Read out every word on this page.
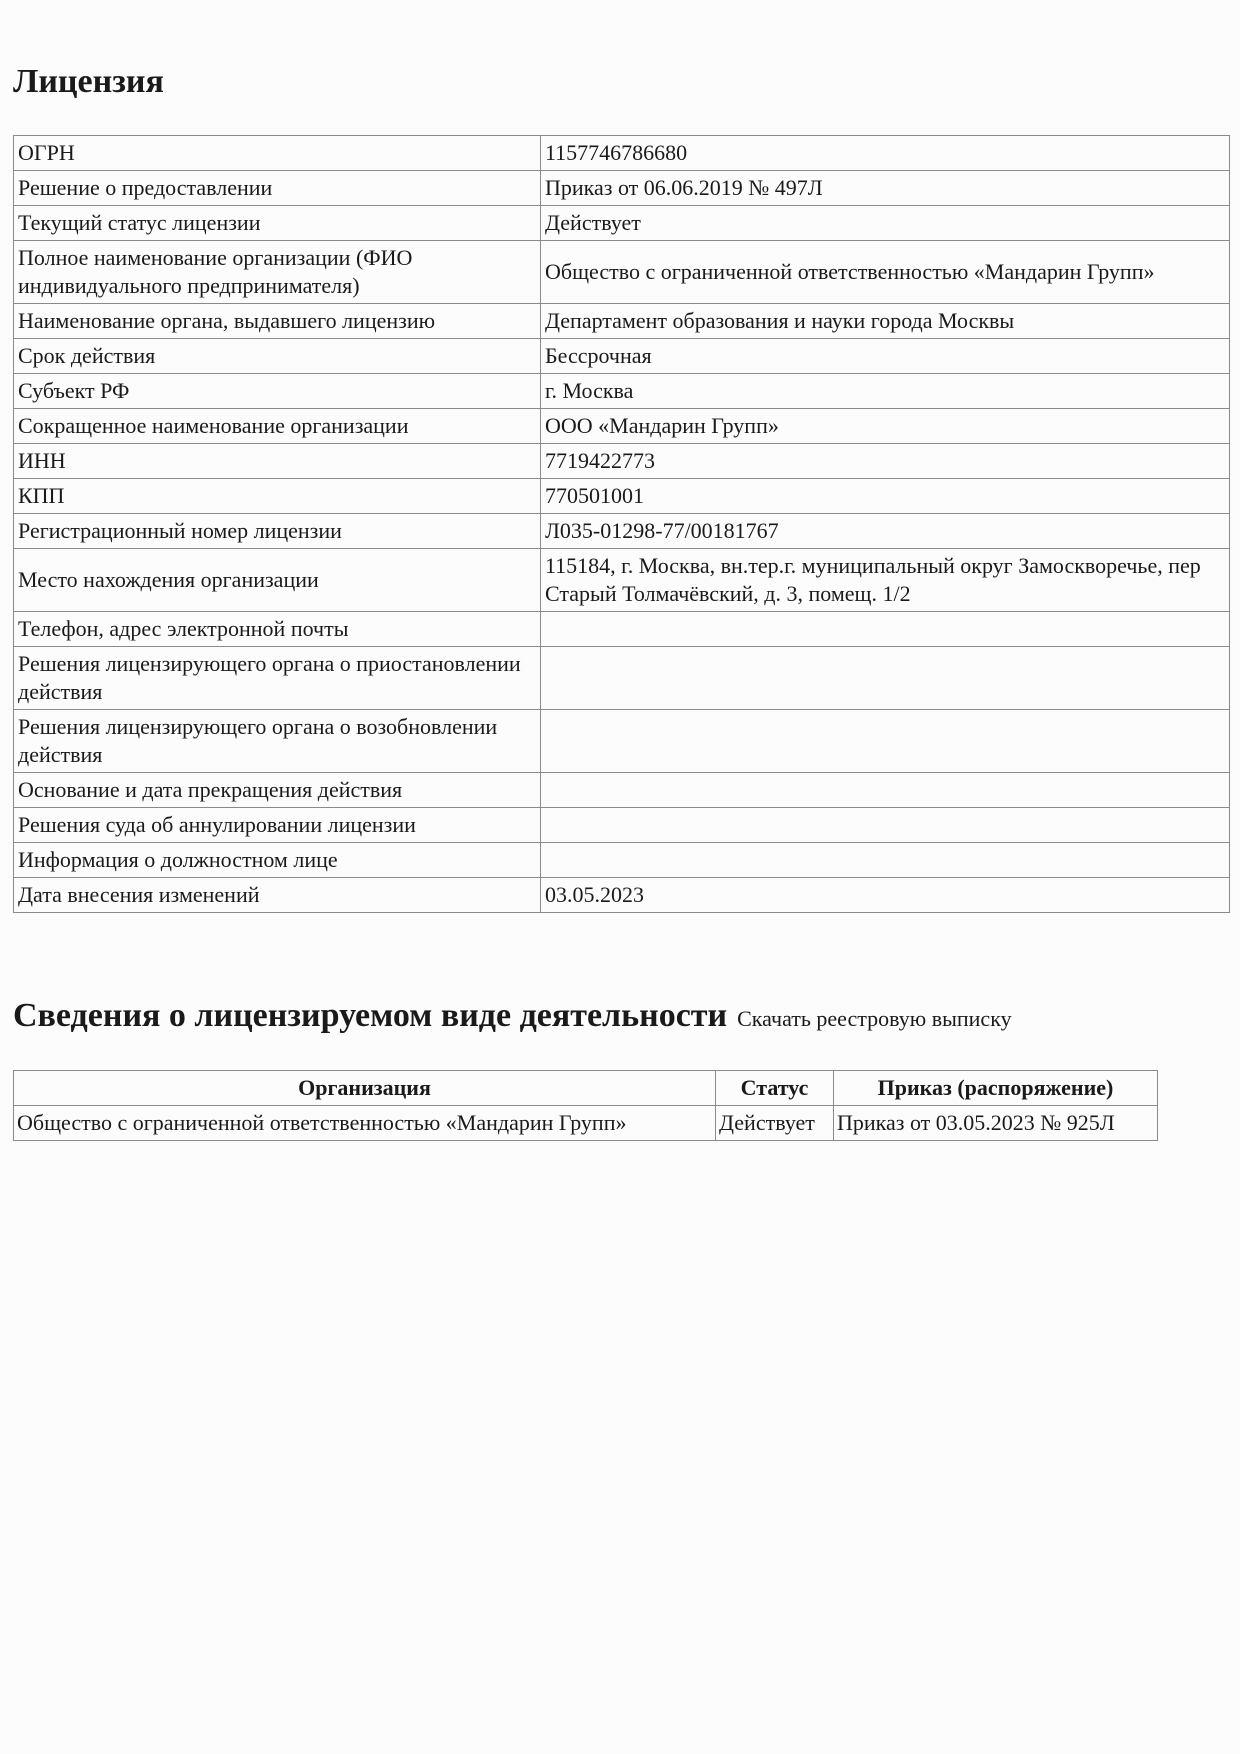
Лицензия
ОГРН	1157746786680
Решение о предоставлении	Приказ от 06.06.2019 № 497Л
Текущий статус лицензии	Действует
Полное наименование организации (ФИО индивидуального предпринимателя)	Общество с ограниченной ответственностью «Мандарин Групп»
Наименование органа, выдавшего лицензию	Департамент образования и науки города Москвы
Срок действия	Бессрочная
Субъект РФ	г. Москва
Сокращенное наименование организации	ООО «Мандарин Групп»
ИНН	7719422773
КПП	770501001
Регистрационный номер лицензии	Л035-01298-77/00181767
Место нахождения организации	115184, г. Москва, вн.тер.г. муниципальный округ Замоскворечье, пер Старый Толмачёвский, д. 3, помещ. 1/2
Телефон, адрес электронной почты	
Решения лицензирующего органа о приостановлении действия	
Решения лицензирующего органа о возобновлении действия	
Основание и дата прекращения действия	
Решения суда об аннулировании лицензии	
Информация о должностном лице	
Дата внесения изменений	03.05.2023
Сведения о лицензируемом виде деятельности Скачать реестровую выписку
Организация	Статус	Приказ (распоряжение)
Общество с ограниченной ответственностью «Мандарин Групп»	Действует	Приказ от 03.05.2023 № 925Л
